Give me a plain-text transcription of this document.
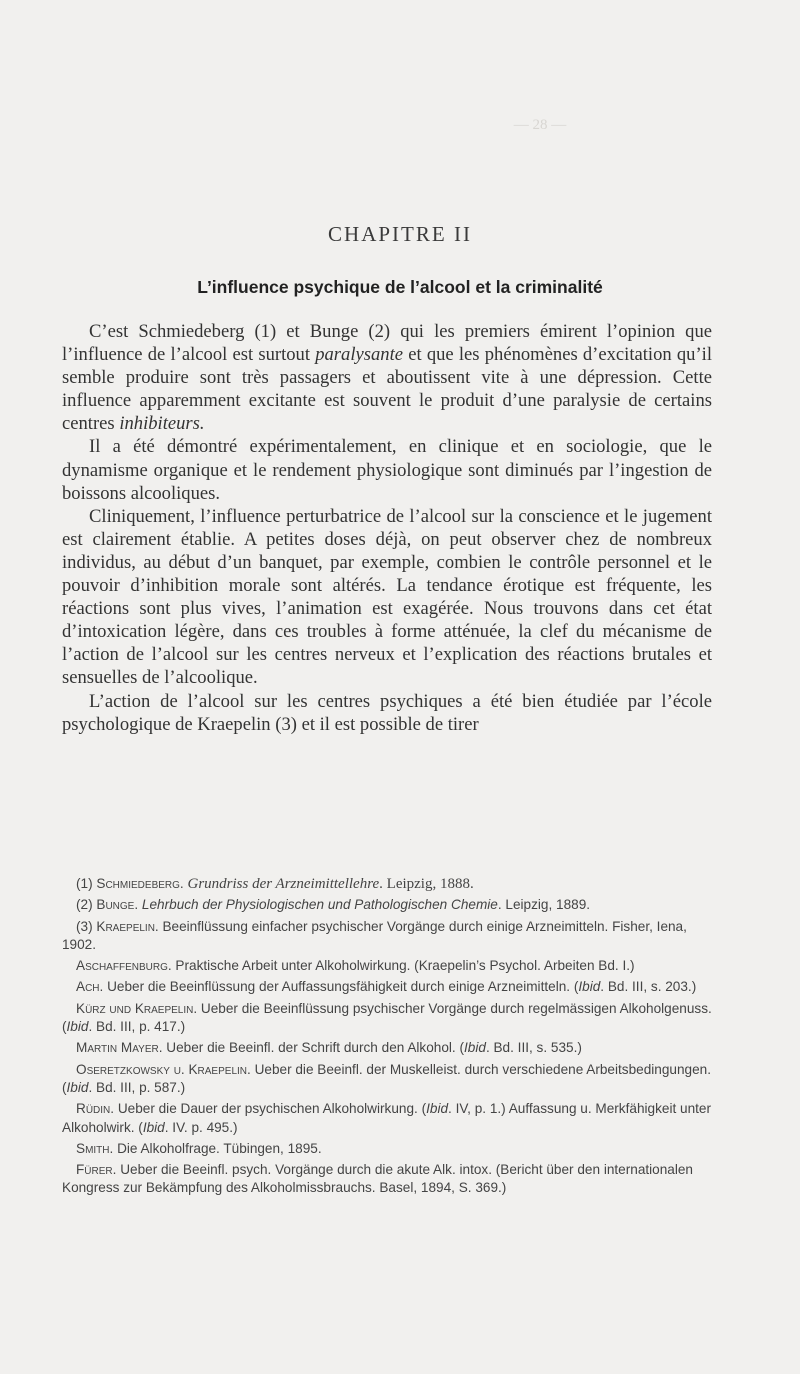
— 28 —
CHAPITRE II
L’influence psychique de l’alcool et la criminalité

C’est Schmiedeberg (1) et Bunge (2) qui les premiers émirent l’opinion que l’influence de l’alcool est surtout paralysante et que les phénomènes d’excitation qu’il semble produire sont très passagers et aboutissent vite à une dépression. Cette influence apparemment excitante est souvent le produit d’une paralysie de certains centres inhibiteurs.

Il a été démontré expérimentalement, en clinique et en sociologie, que le dynamisme organique et le rendement physiologique sont diminués par l’ingestion de boissons alcooliques.

Cliniquement, l’influence perturbatrice de l’alcool sur la conscience et le jugement est clairement établie. A petites doses déjà, on peut observer chez de nombreux individus, au début d’un banquet, par exemple, combien le contrôle personnel et le pouvoir d’inhibition morale sont altérés. La tendance érotique est fréquente, les réactions sont plus vives, l’animation est exagérée. Nous trouvons dans cet état d’intoxication légère, dans ces troubles à forme atténuée, la clef du mécanisme de l’action de l’alcool sur les centres nerveux et l’explication des réactions brutales et sensuelles de l’alcoolique.

L’action de l’alcool sur les centres psychiques a été bien étudiée par l’école psychologique de Kraepelin (3) et il est possible de tirer

(1) Schmiedeberg. Grundriss der Arzneimittellehre. Leipzig, 1888.

(2) Bunge. Lehrbuch der Physiologischen und Pathologischen Chemie. Leipzig, 1889.

(3) Kraepelin. Beeinflüssung einfacher psychischer Vorgänge durch einige Arzneimitteln. Fisher, Iena, 1902.

Aschaffenburg. Praktische Arbeit unter Alkoholwirkung. (Kraepelin’s Psychol. Arbeiten Bd. I.)

Ach. Ueber die Beeinflüssung der Auffassungsfähigkeit durch einige Arzneimitteln. (Ibid. Bd. III, s. 203.)

Kürz und Kraepelin. Ueber die Beeinflüssung psychischer Vorgänge durch regelmässigen Alkoholgenuss. (Ibid. Bd. III, p. 417.)

Martin Mayer. Ueber die Beeinfl. der Schrift durch den Alkohol. (Ibid. Bd. III, s. 535.)

Oseretzkowsky u. Kraepelin. Ueber die Beeinfl. der Muskelleist. durch verschiedene Arbeitsbedingungen. (Ibid. Bd. III, p. 587.)

Rüdin. Ueber die Dauer der psychischen Alkoholwirkung. (Ibid. IV, p. 1.) Auffassung u. Merkfähigkeit unter Alkoholwirk. (Ibid. IV. p. 495.)

Smith. Die Alkoholfrage. Tübingen, 1895.

Fürer. Ueber die Beeinfl. psych. Vorgänge durch die akute Alk. intox. (Bericht über den internationalen Kongress zur Bekämpfung des Alkoholmissbrauchs. Basel, 1894, S. 369.)
